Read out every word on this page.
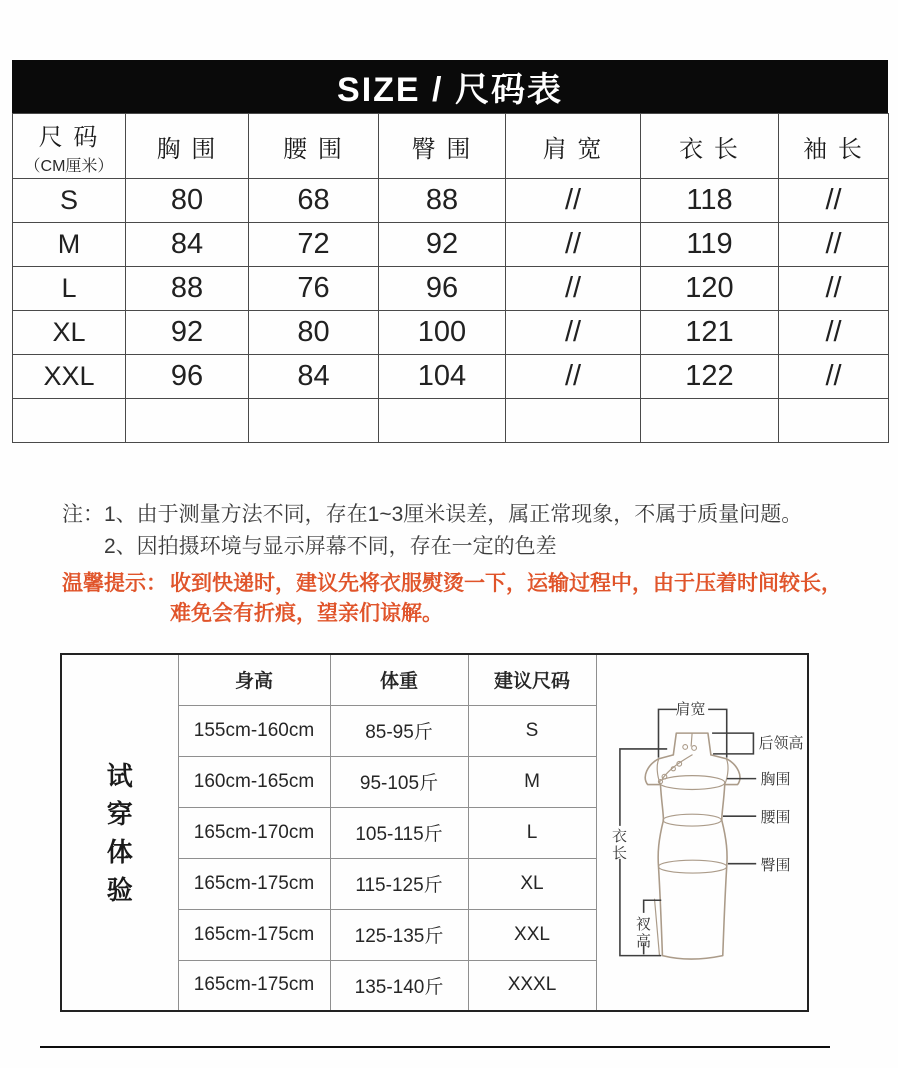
SIZE / 尺码表
尺 码
（CM厘米）	胸 围	腰 围	臀 围	肩 宽	衣 长	袖 长
S	80	68	88	//	118	//
M	84	72	92	//	119	//
L	88	76	96	//	120	//
XL	92	80	100	//	121	//
XXL	96	84	104	//	122	//

注： 1、由于测量方法不同，存在1~3厘米误差，属正常现象，不属于质量问题。
2、因拍摄环境与显示屏幕不同，存在一定的色差
温馨提示： 收到快递时，建议先将衣服熨烫一下，运输过程中，由于压着时间较长，
难免会有折痕，望亲们谅解。
试穿体验
	身高	体重	建议尺码	
肩宽
后领高
胸围
腰围
臀围
衣长
衩高

	155cm-160cm	85-95斤	S	
	160cm-165cm	95-105斤	M	
	165cm-170cm	105-115斤	L	
	165cm-175cm	115-125斤	XL	
	165cm-175cm	125-135斤	XXL	
	165cm-175cm	135-140斤	XXXL	
